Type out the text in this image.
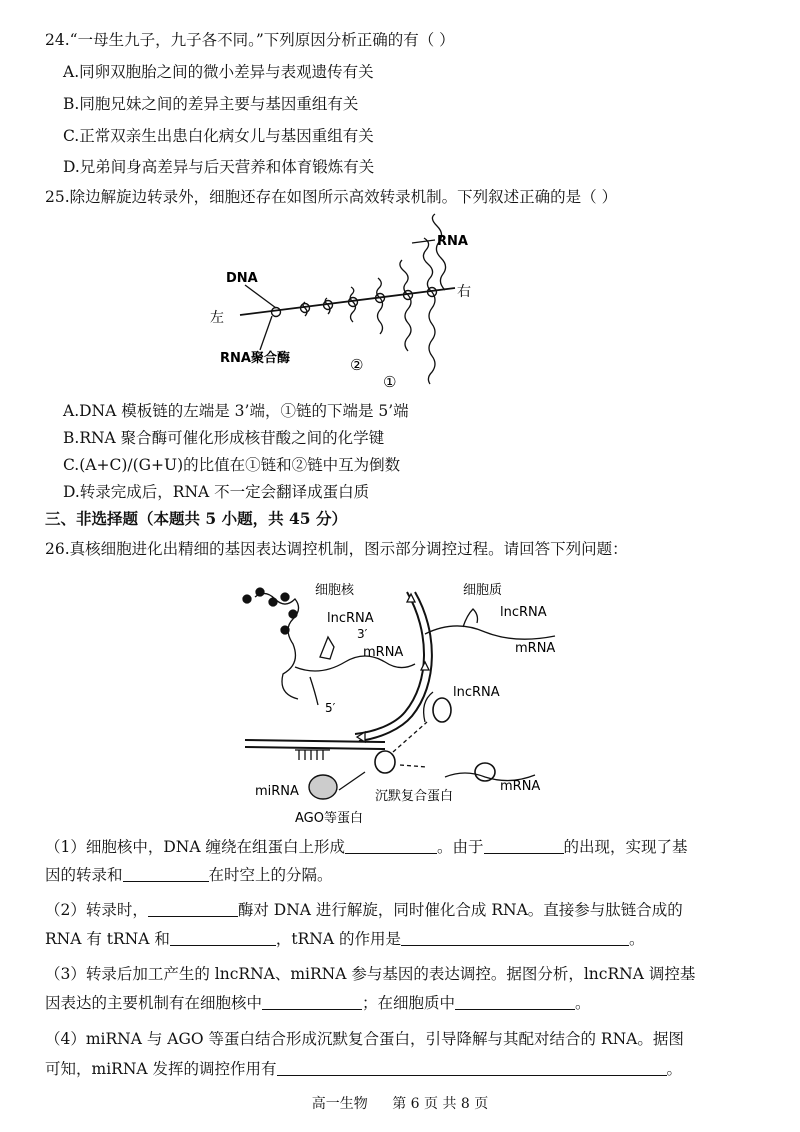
24.“一母生九子，九子各不同。”下列原因分析正确的有（ ）
A.同卵双胞胎之间的微小差异与表观遗传有关
B.同胞兄妹之间的差异主要与基因重组有关
C.正常双亲生出患白化病女儿与基因重组有关
D.兄弟间身高差异与后天营养和体育锻炼有关
25.除边解旋边转录外，细胞还存在如图所示高效转录机制。下列叙述正确的是（ ）
RNA
DNA
左
右
RNA聚合酶	②
①
A.DNA 模板链的左端是 3’端，①链的下端是 5’端
B.RNA 聚合酶可催化形成核苷酸之间的化学键
C.(A+C)/(G+U)的比值在①链和②链中互为倒数
D.转录完成后，RNA 不一定会翻译成蛋白质
三、非选择题（本题共 5 小题，共 45 分）
26.真核细胞进化出精细的基因表达调控机制，图示部分调控过程。请回答下列问题：
细胞核	细胞质
lncRNA
3′
mRNA
5′
lncRNA
mRNA
lncRNA
miRNA
AGO等蛋白
沉默复合蛋白
mRNA
（1）细胞核中，DNA 缠绕在组蛋白上形成	。由于	的出现，实现了基
因的转录和	在时空上的分隔。
（2）转录时，	酶对 DNA 进行解旋，同时催化合成 RNA。直接参与肽链合成的
RNA 有 tRNA 和	，tRNA 的作用是	。
（3）转录后加工产生的 lncRNA、miRNA 参与基因的表达调控。据图分析，lncRNA 调控基
因表达的主要机制有在细胞核中	；在细胞质中	。
（4）miRNA 与 AGO 等蛋白结合形成沉默复合蛋白，引导降解与其配对结合的 RNA。据图
可知，miRNA 发挥的调控作用有	。
高一生物 第 6 页 共 8 页
